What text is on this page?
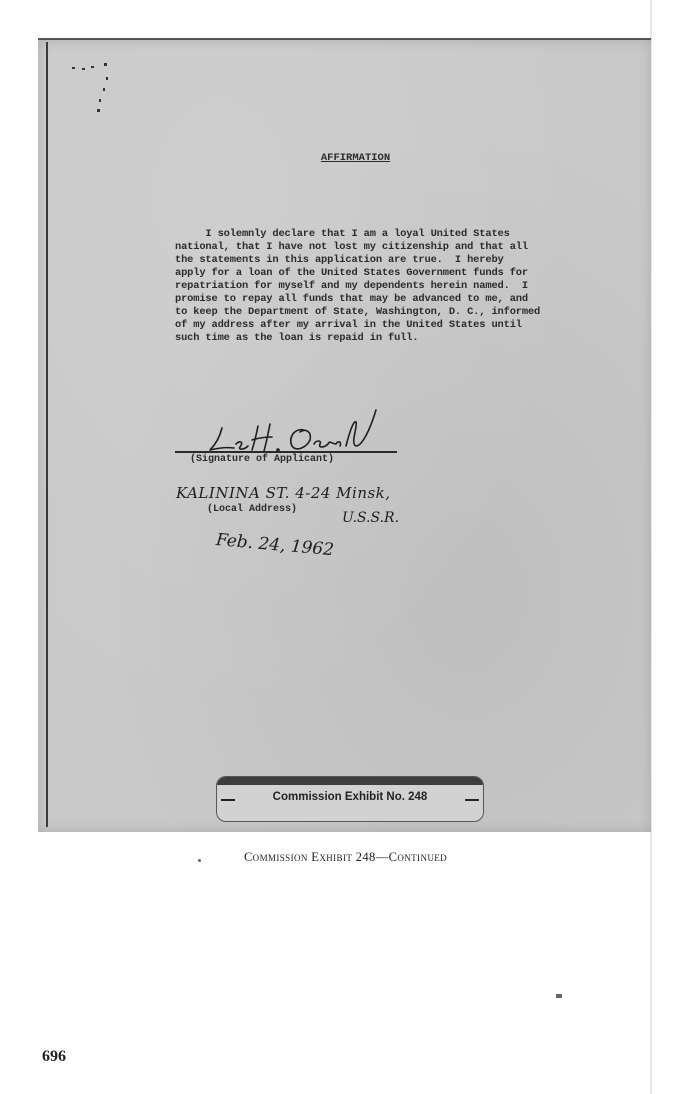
AFFIRMATION
I solemnly declare that I am a loyal United States
national, that I have not lost my citizenship and that all
the statements in this application are true.  I hereby
apply for a loan of the United States Government funds for
repatriation for myself and my dependents herein named.  I
promise to repay all funds that may be advanced to me, and
to keep the Department of State, Washington, D. C., informed
of my address after my arrival in the United States until
such time as the loan is repaid in full.
(Signature of Applicant)
KALININA ST. 4-24 Minsk,
(Local Address)
U.S.S.R.
Feb. 24, 1962
Commission Exhibit No. 248
Commission Exhibit 248—Continued
696
